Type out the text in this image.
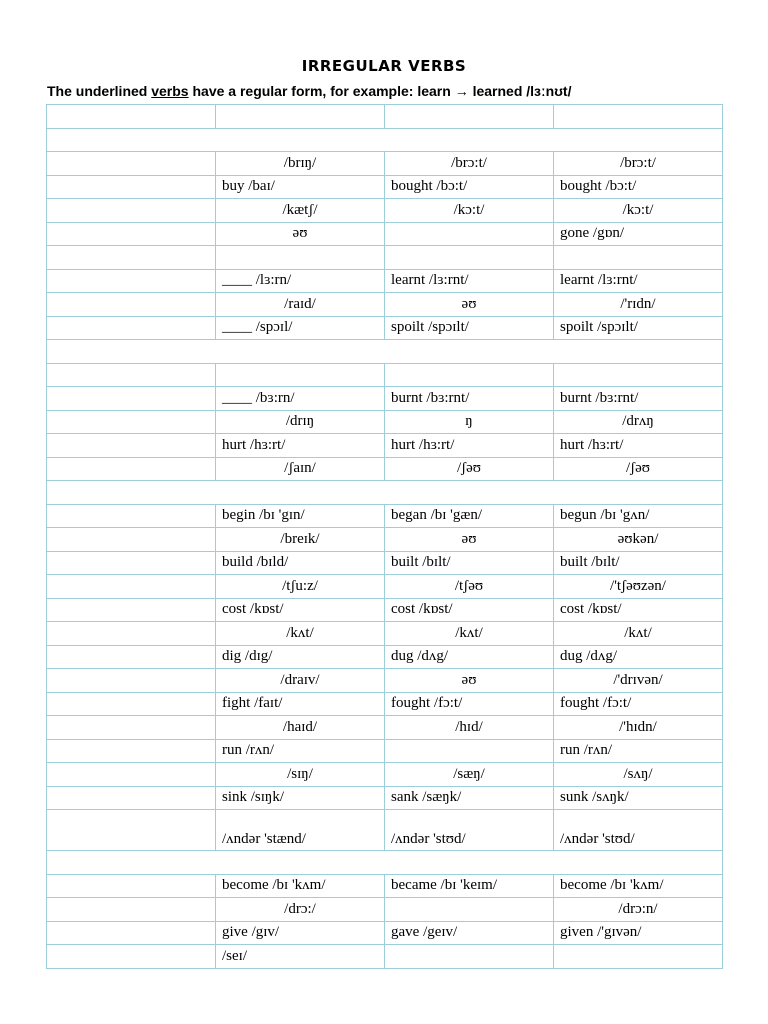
IRREGULAR VERBS
The underlined verbs have a regular form, for example: learn → learned /lɜːnʊt/

	/brɪŋ/	/brɔ:t/	/brɔ:t/
	buy /baɪ/	bought /bɔ:t/	bought /bɔ:t/
	/kætʃ/	/kɔ:t/	/kɔ:t/
	əʊ		gone /gɒn/

	____ /lɜ:rn/	learnt /lɜ:rnt/	learnt /lɜ:rnt/
	/raɪd/	əʊ	/'rɪdn/
	____ /spɔɪl/	spoilt /spɔɪlt/	spoilt /spɔɪlt/

	____ /bɜ:rn/	burnt /bɜ:rnt/	burnt /bɜ:rnt/
	/drɪŋ	ŋ	/drʌŋ
	hurt /hɜ:rt/	hurt /hɜ:rt/	hurt /hɜ:rt/
	/ʃaɪn/	/ʃəʊ	/ʃəʊ

	begin /bɪ 'gɪn/	began /bɪ 'gæn/	begun /bɪ 'gʌn/
	/breɪk/	əʊ	əʊkən/
	build /bɪld/	built /bɪlt/	built /bɪlt/
	/tʃu:z/	/tʃəʊ	/'tʃəʊzən/
	cost /kɒst/	cost /kɒst/	cost /kɒst/
	/kʌt/	/kʌt/	/kʌt/
	dig /dɪg/	dug /dʌg/	dug /dʌg/
	/draɪv/	əʊ	/'drɪvən/
	fight /faɪt/	fought /fɔ:t/	fought /fɔ:t/
	/haɪd/	/hɪd/	/'hɪdn/
	run /rʌn/		run /rʌn/
	/sɪŋ/	/sæŋ/	/sʌŋ/
	sink /sɪŋk/	sank /sæŋk/	sunk /sʌŋk/
	/ʌndər 'stænd/	/ʌndər 'stʊd/	/ʌndər 'stʊd/

	become /bɪ 'kʌm/	became /bɪ 'keɪm/	become /bɪ 'kʌm/
	/drɔ:/		/drɔ:n/
	give /gɪv/	gave /geɪv/	given /'gɪvən/
	/seɪ/		
